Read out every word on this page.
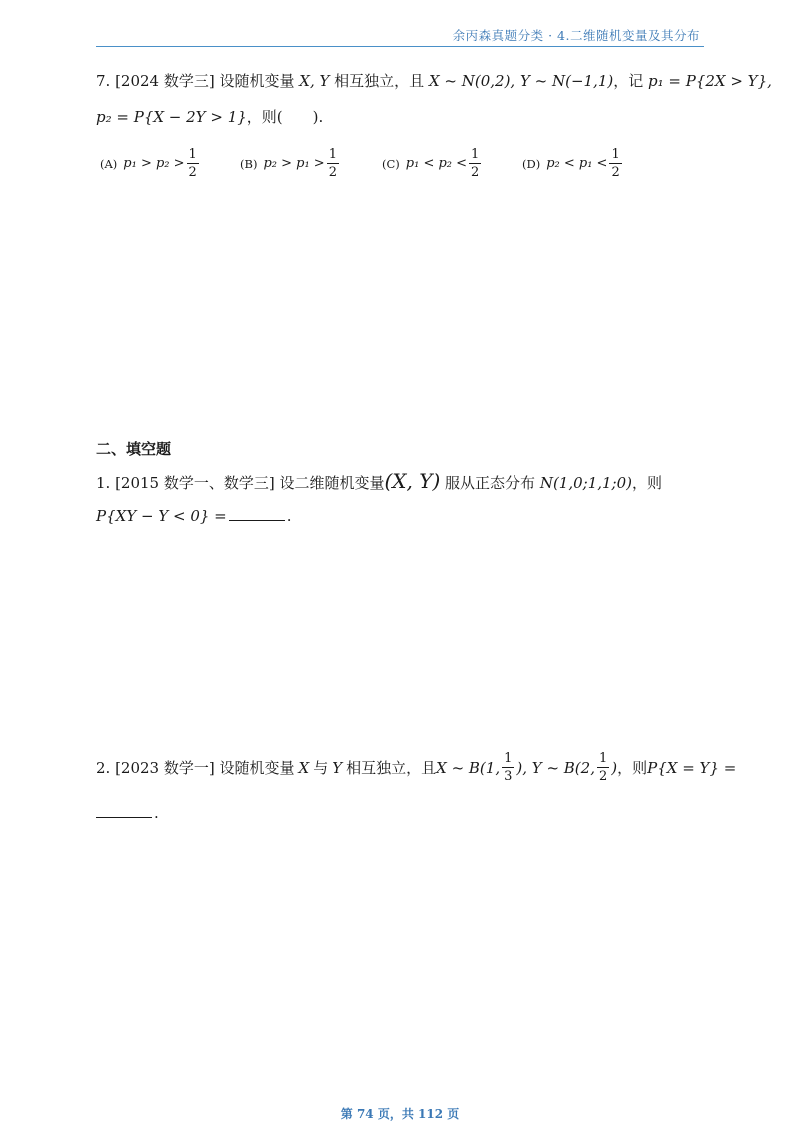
余丙森真题分类 · 4.二维随机变量及其分布
7. [2024 数学三] 设随机变量 X, Y 相互独立，且 X ~ N(0,2), Y ~ N(−1,1)，记 p₁ = P{2X > Y},
p₂ = P{X − 2Y > 1}，则(　　).
(A) $p_1 > p_2 > \frac{1}{2}$	(B) $p_2 > p_1 > \frac{1}{2}$	(C) $p_1 < p_2 < \frac{1}{2}$	(D) $p_2 < p_1 < \frac{1}{2}$
二、填空题
1. [2015 数学一、数学三] 设二维随机变量(X, Y) 服从正态分布 N(1,0;1,1;0)，则
P{XY − Y < 0} =	.
2. [2023 数学一] 设随机变量 X 与 Y 相互独立，且 X ~ B(1, $\frac{1}{3}$ ), Y ~ B(2, $\frac{1}{2}$ ) ，则 P{X = Y} =
.
第 74 页，共 112 页
